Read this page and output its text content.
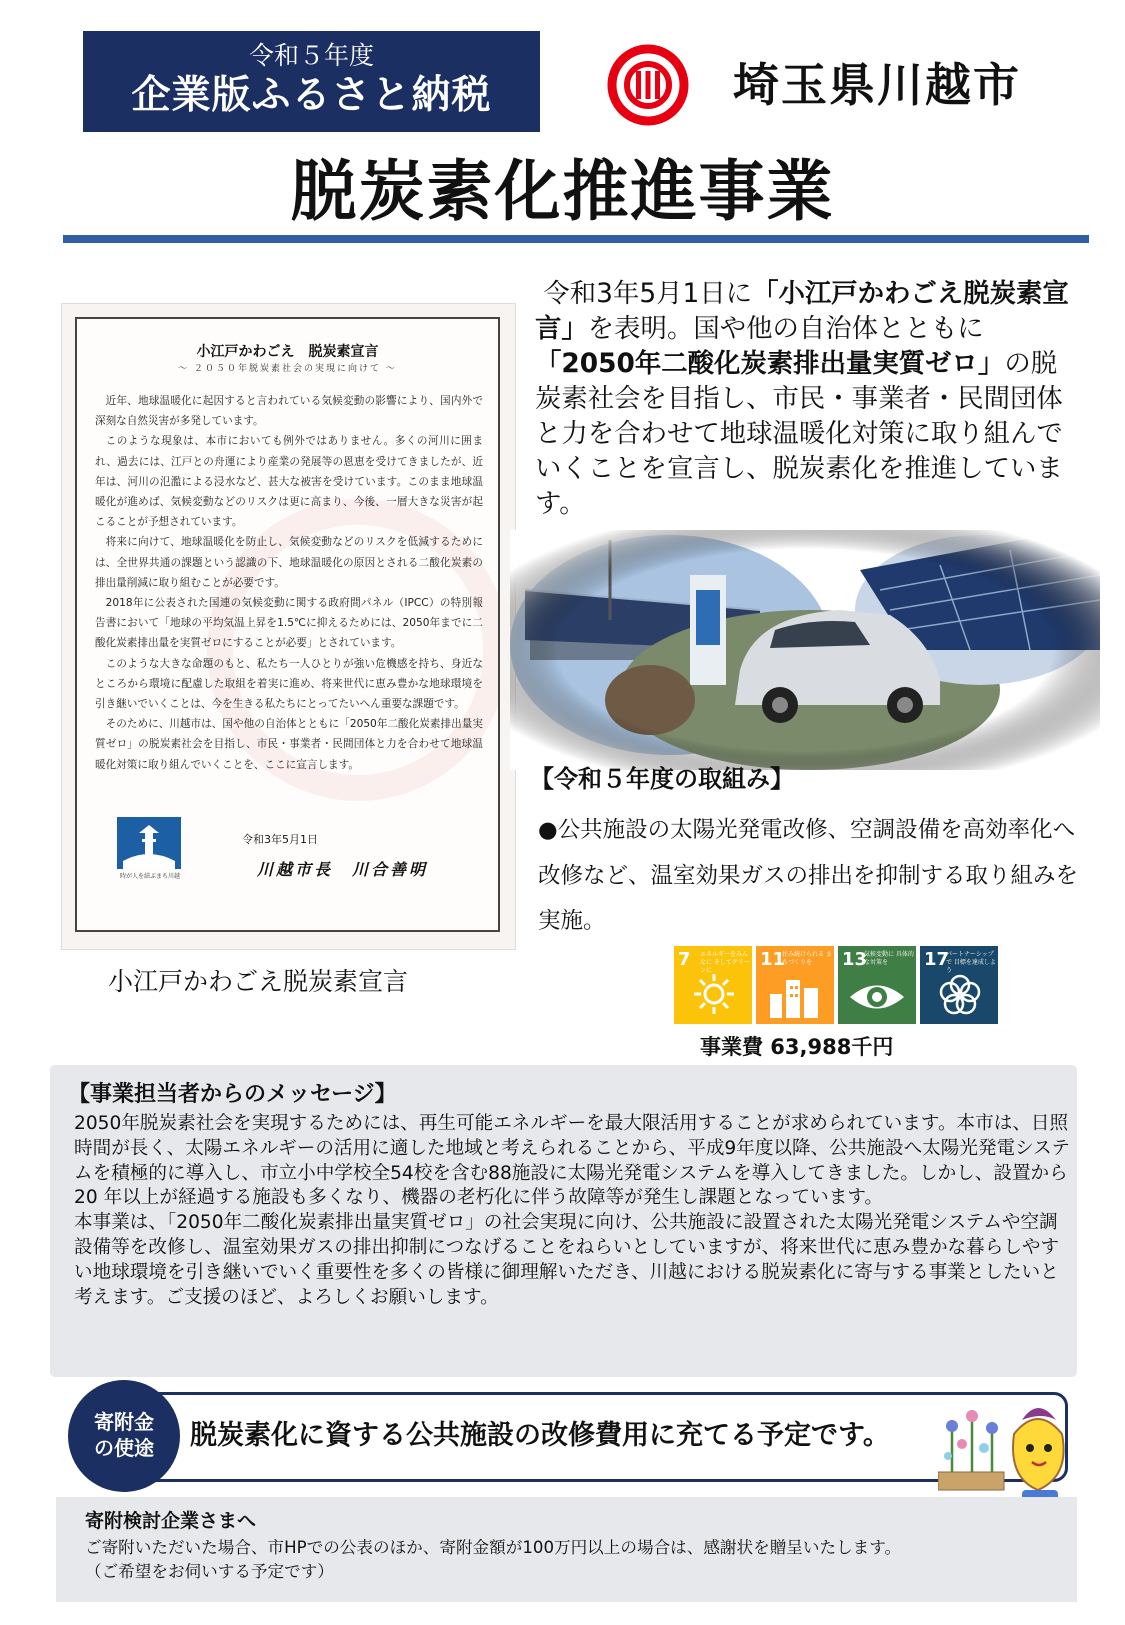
令和５年度
企業版ふるさと納税	埼玉県川越市
脱炭素化推進事業
小江戸かわごえ　脱炭素宣言
～ ２０５０年脱炭素社会の実現に向けて ～

近年、地球温暖化に起因すると言われている気候変動の影響により、国内外で深刻な自然災害が多発しています。

このような現象は、本市においても例外ではありません。多くの河川に囲まれ、過去には、江戸との舟運により産業の発展等の恩恵を受けてきましたが、近年は、河川の氾濫による浸水など、甚大な被害を受けています。このまま地球温暖化が進めば、気候変動などのリスクは更に高まり、今後、一層大きな災害が起こることが予想されています。

将来に向けて、地球温暖化を防止し、気候変動などのリスクを低減するためには、全世界共通の課題という認識の下、地球温暖化の原因とされる二酸化炭素の排出量削減に取り組むことが必要です。

2018年に公表された国連の気候変動に関する政府間パネル（IPCC）の特別報告書において「地球の平均気温上昇を1.5℃に抑えるためには、2050年までに二酸化炭素排出量を実質ゼロにすることが必要」とされています。

このような大きな命題のもと、私たち一人ひとりが強い危機感を持ち、身近なところから環境に配慮した取組を着実に進め、将来世代に恵み豊かな地球環境を引き継いでいくことは、今を生きる私たちにとってたいへん重要な課題です。

そのために、川越市は、国や他の自治体とともに「2050年二酸化炭素排出量実質ゼロ」の脱炭素社会を目指し、市民・事業者・民間団体と力を合わせて地球温暖化対策に取り組んでいくことを、ここに宣言します。

時が人を結ぶまち川越
令和3年5月1日
川越市長　川合善明
小江戸かわごえ脱炭素宣言
令和3年5月1日に「小江戸かわごえ脱炭素宣言」を表明。国や他の自治体とともに「2050年二酸化炭素排出量実質ゼロ」の脱炭素社会を目指し、市民・事業者・民間団体と力を合わせて地球温暖化対策に取り組んでいくことを宣言し、脱炭素化を推進しています。
【令和５年度の取組み】
●公共施設の太陽光発電改修、空調設備を高効率化へ改修など、温室効果ガスの排出を抑制する取り組みを実施。
7 エネルギーをみんなに そしてクリーンに
11
住み続けられる まちづくりを	13
気候変動に 具体的な対策を	17
パートナーシップで 目標を達成しよう
事業費 63,988千円
【事業担当者からのメッセージ】

2050年脱炭素社会を実現するためには、再生可能エネルギーを最大限活用することが求められています。本市は、日照時間が長く、太陽エネルギーの活用に適した地域と考えられることから、平成9年度以降、公共施設へ太陽光発電システムを積極的に導入し、市立小中学校全54校を含む88施設に太陽光発電システムを導入してきました。しかし、設置から20 年以上が経過する施設も多くなり、機器の老朽化に伴う故障等が発生し課題となっています。

本事業は、「2050年二酸化炭素排出量実質ゼロ」の社会実現に向け、公共施設に設置された太陽光発電システムや空調設備等を改修し、温室効果ガスの排出抑制につなげることをねらいとしていますが、将来世代に恵み豊かな暮らしやすい地球環境を引き継いでいく重要性を多くの皆様に御理解いただき、川越における脱炭素化に寄与する事業としたいと考えます。ご支援のほど、よろしくお願いします。

寄附金
の使途	脱炭素化に資する公共施設の改修費用に充てる予定です。
寄附検討企業さまへ
ご寄附いただいた場合、市HPでの公表のほか、寄附金額が100万円以上の場合は、感謝状を贈呈いたします。
（ご希望をお伺いする予定です）
